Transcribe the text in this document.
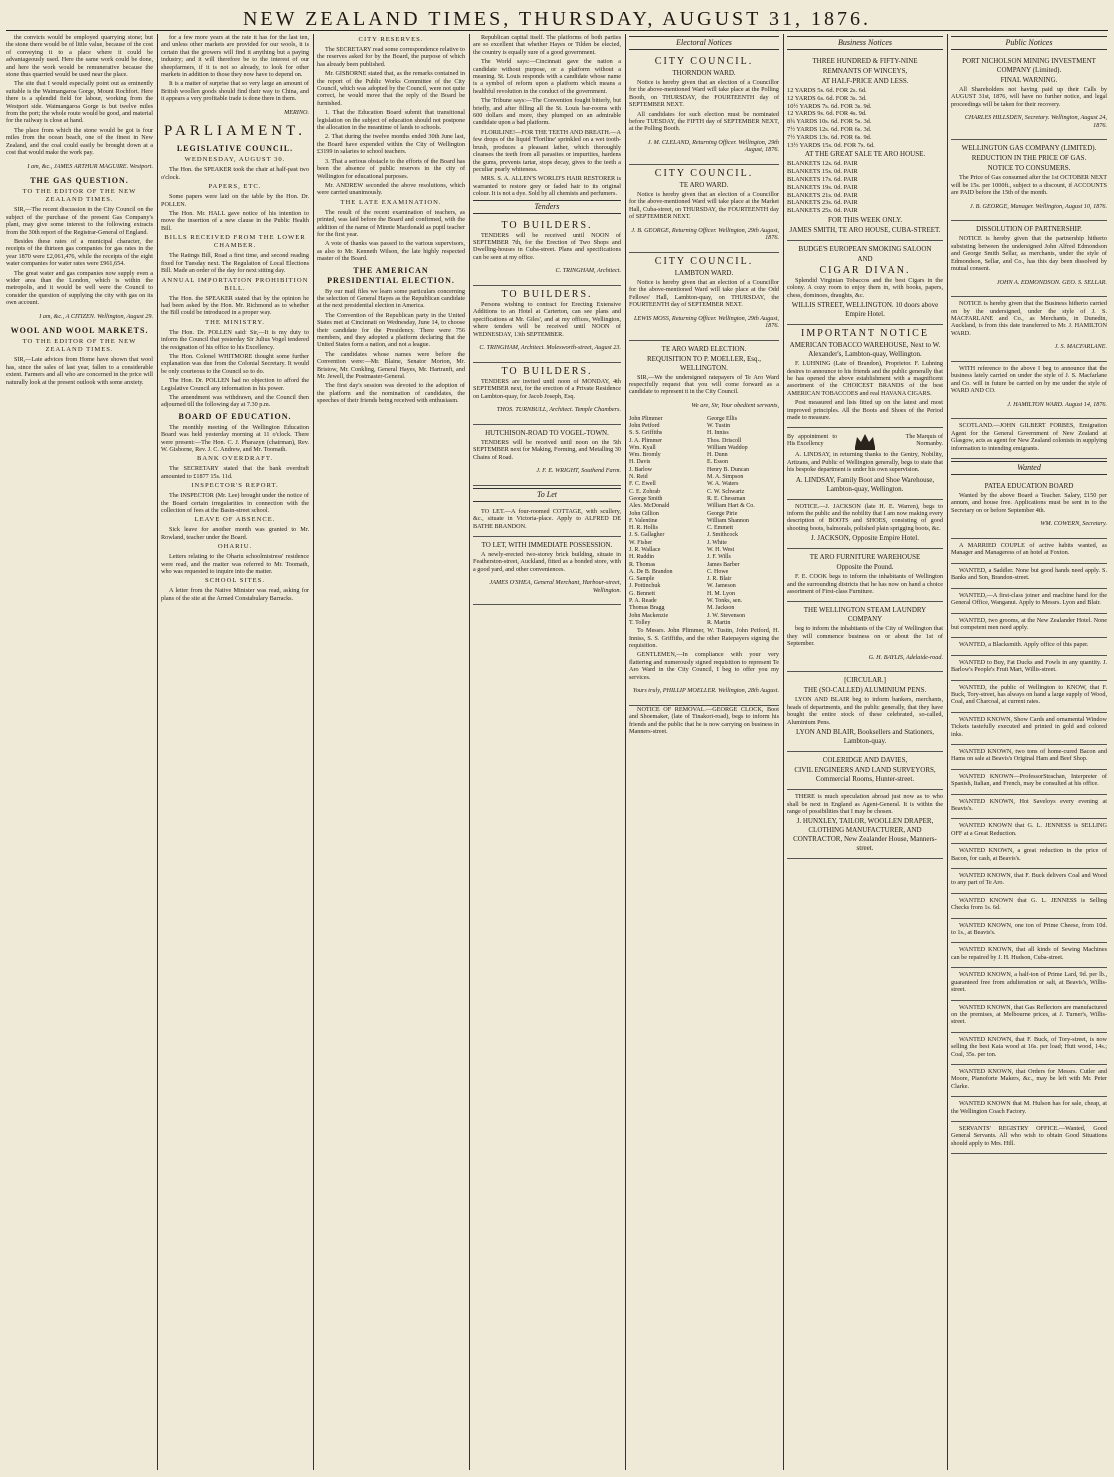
NEW ZEALAND TIMES, THURSDAY, AUGUST 31, 1876.

the convicts would be employed quarrying stone; but the stone there would be of little value, because of the cost of conveying it to a place where it could be advantageously used. Here the same work could be done, and here the work would be remunerative because the stone thus quarried would be used near the place.

The site that I would especially point out as eminently suitable is the Waimangaroa Gorge, Mount Rochfort. Here there is a splendid field for labour, working from the Westport side. Waimangaroa Gorge is but twelve miles from the port; the whole route would be good, and material for the railway is close at hand.

The place from which the stone would be got is four miles from the ocean beach, one of the finest in New Zealand, and the coal could easily be brought down at a cost that would make the work pay.

I am, &c., JAMES ARTHUR MAGUIRE. Westport.

THE GAS QUESTION.
TO THE EDITOR OF THE NEW ZEALAND TIMES.

SIR,—The recent discussion in the City Council on the subject of the purchase of the present Gas Company's plant, may give some interest to the following extracts from the 30th report of the Registrar-General of England.

Besides these rates of a municipal character, the receipts of the thirteen gas companies for gas rates in the year 1870 were £2,061,476, while the receipts of the eight water companies for water rates were £961,654.

The great water and gas companies now supply even a wider area than the London, which is within the metropolis, and it would be well were the Council to consider the question of supplying the city with gas on its own account.

I am, &c., A CITIZEN. Wellington, August 29.

WOOL AND WOOL MARKETS.
TO THE EDITOR OF THE NEW ZEALAND TIMES.

SIR,—Late advices from Home have shown that wool has, since the sales of last year, fallen to a considerable extent. Farmers and all who are concerned in the price will naturally look at the present outlook with some anxiety.

for a few more years at the rate it has for the last ten, and unless other markets are provided for our wools, it is certain that the growers will find it anything but a paying industry; and it will therefore be to the interest of our sheepfarmers, if it is not so already, to look for other markets in addition to those they now have to depend on.

It is a matter of surprise that so very large an amount of British woollen goods should find their way to China, and it appears a very profitable trade is done there in them.

MERINO.

PARLIAMENT.
LEGISLATIVE COUNCIL.
WEDNESDAY, AUGUST 30.

The Hon. the SPEAKER took the chair at half-past two o'clock.

PAPERS, ETC.

Some papers were laid on the table by the Hon. Dr. POLLEN.

The Hon. Mr. HALL gave notice of his intention to move the insertion of a new clause in the Public Health Bill.

BILLS RECEIVED FROM THE LOWER CHAMBER.

The Ratings Bill, Road a first time, and second reading fixed for Tuesday next. The Regulation of Local Elections Bill. Made an order of the day for next sitting day.

ANNUAL IMPORTATION PROHIBITION BILL.

The Hon. the SPEAKER stated that by the opinion he had been asked by the Hon. Mr. Richmond as to whether the Bill could be introduced in a proper way.

THE MINISTRY.

The Hon. Dr. POLLEN said: Sir,—It is my duty to inform the Council that yesterday Sir Julius Vogel tendered the resignation of his office to his Excellency.

The Hon. Colonel WHITMORE thought some further explanation was due from the Colonial Secretary. It would be only courteous to the Council so to do.

The Hon. Dr. POLLEN had no objection to afford the Legislative Council any information in his power.

The amendment was withdrawn, and the Council then adjourned till the following day at 7.30 p.m.

BOARD OF EDUCATION.

The monthly meeting of the Wellington Education Board was held yesterday morning at 11 o'clock. There were present:—The Hon. C. J. Pharazyn (chairman), Rev. W. Gisborne, Rev. J. C. Andrew, and Mr. Toomath.

BANK OVERDRAFT.

The SECRETARY stated that the bank overdraft amounted to £1877 15s. 11d.

INSPECTOR'S REPORT.

The INSPECTOR (Mr. Lee) brought under the notice of the Board certain irregularities in connection with the collection of fees at the Basin-street school.

LEAVE OF ABSENCE.

Sick leave for another month was granted to Mr. Rowland, teacher under the Board.

OHARIU.

Letters relating to the Ohariu schoolmistress' residence were read, and the matter was referred to Mr. Toomath, who was requested to inquire into the matter.

SCHOOL SITES.

A letter from the Native Minister was read, asking for plans of the site at the Armed Constabulary Barracks.

CITY RESERVES.

The SECRETARY read some correspondence relative to the reserves asked for by the Board, the purpose of which has already been published.

Mr. GISBORNE stated that, as the remarks contained in the report of the Public Works Committee of the City Council, which was adopted by the Council, were not quite correct, he would move that the reply of the Board be furnished.

1. That the Education Board submit that transitional legislation on the subject of education should not postpone the allocation in the meantime of lands to schools.

2. That during the twelve months ended 30th June last, the Board have expended within the City of Wellington £3199 in salaries to school teachers.

3. That a serious obstacle to the efforts of the Board has been the absence of public reserves in the city of Wellington for educational purposes.

Mr. ANDREW seconded the above resolutions, which were carried unanimously.

THE LATE EXAMINATION.

The result of the recent examination of teachers, as printed, was laid before the Board and confirmed, with the addition of the name of Minnie Macdonald as pupil teacher for the first year.

A vote of thanks was passed to the various supervisors, as also to Mr. Kenneth Wilson, the late highly respected master of the Board.

THE AMERICAN PRESIDENTIAL ELECTION.

By our mail files we learn some particulars concerning the selection of General Hayes as the Republican candidate at the next presidential election in America.

The Convention of the Republican party in the United States met at Cincinnati on Wednesday, June 14, to choose their candidate for the Presidency. There were 756 members, and they adopted a platform declaring that the United States form a nation, and not a league.

The candidates whose names were before the Convention were:—Mr. Blaine, Senator Morton, Mr. Bristow, Mr. Conkling, General Hayes, Mr. Hartranft, and Mr. Jewell, the Postmaster-General.

The first day's session was devoted to the adoption of the platform and the nomination of candidates, the speeches of their friends being received with enthusiasm.

Republican capital itself. The platforms of both parties are so excellent that whether Hayes or Tilden be elected, the country is equally sure of a good government.

The World says:—Cincinnati gave the nation a candidate without purpose, or a platform without a meaning. St. Louis responds with a candidate whose name is a symbol of reform upon a platform which means a healthful revolution in the conduct of the government.

The Tribune says:—The Convention fought bitterly, but briefly, and after filling all the St. Louis bar-rooms with 600 dollars and more, they plumped on an admirable candidate upon a bad platform.

FLORILINE!—FOR THE TEETH AND BREATH.—A few drops of the liquid 'Floriline' sprinkled on a wet tooth-brush, produces a pleasant lather, which thoroughly cleanses the teeth from all parasites or impurities, hardens the gums, prevents tartar, stops decay, gives to the teeth a peculiar pearly whiteness.

MRS. S. A. ALLEN'S WORLD'S HAIR RESTORER is warranted to restore grey or faded hair to its original colour. It is not a dye. Sold by all chemists and perfumers.

Tenders
TO BUILDERS.

TENDERS will be received until NOON of SEPTEMBER 7th, for the Erection of Two Shops and Dwelling-houses in Cuba-street. Plans and specifications can be seen at my office.

C. TRINGHAM, Architect.

TO BUILDERS.

Persons wishing to contract for Erecting Extensive Additions to an Hotel at Carterton, can see plans and specifications at Mr. Giles', and at my offices, Wellington, where tenders will be received until NOON of WEDNESDAY, 13th SEPTEMBER.

C. TRINGHAM, Architect. Molesworth-street, August 23.

TO BUILDERS.

TENDERS are invited until noon of MONDAY, 4th SEPTEMBER next, for the erection of a Private Residence on Lambton-quay, for Jacob Joseph, Esq.

THOS. TURNBULL, Architect. Temple Chambers.

HUTCHISON-ROAD TO VOGEL-TOWN.

TENDERS will be received until noon on the 5th SEPTEMBER next for Making, Forming, and Metalling 30 Chains of Road.

J. F. E. WRIGHT, Southend Farm.

To Let

TO LET.—A four-roomed COTTAGE, with scullery, &c., situate in Victoria-place. Apply to ALFRED DE BATHE BRANDON.

TO LET, WITH IMMEDIATE POSSESSION.

A newly-erected two-storey brick building, situate in Featherston-street, Auckland, fitted as a bonded store, with a good yard, and other conveniences.

JAMES O'SHEA, General Merchant, Harbour-street, Wellington.

Electoral Notices
CITY COUNCIL.
THORNDON WARD.

Notice is hereby given that an election of a Councillor for the above-mentioned Ward will take place at the Polling Booth, on THURSDAY, the FOURTEENTH day of SEPTEMBER NEXT.

All candidates for such election must be nominated before TUESDAY, the FIFTH day of SEPTEMBER NEXT, at the Polling Booth.

J. M. CLELAND, Returning Officer. Wellington, 29th August, 1876.

CITY COUNCIL.
TE ARO WARD.

Notice is hereby given that an election of a Councillor for the above-mentioned Ward will take place at the Market Hall, Cuba-street, on THURSDAY, the FOURTEENTH day of SEPTEMBER NEXT.

J. B. GEORGE, Returning Officer. Wellington, 29th August, 1876.

CITY COUNCIL.
LAMBTON WARD.

Notice is hereby given that an election of a Councillor for the above-mentioned Ward will take place at the Odd Fellows' Hall, Lambton-quay, on THURSDAY, the FOURTEENTH day of SEPTEMBER NEXT.

LEWIS MOSS, Returning Officer. Wellington, 29th August, 1876.

TE ARO WARD ELECTION.
REQUISITION TO P. MOELLER, Esq., WELLINGTON.

SIR,—We the undersigned ratepayers of Te Aro Ward respectfully request that you will come forward as a candidate to represent it in the City Council.

We are, Sir, Your obedient servants,

John Plimmer
John Petford
S. S. Griffiths
J. A. Plimmer
Wm. Kyall
Wm. Bromly
H. Davis
J. Barlow
N. Reid
F. C. Ewell
C. E. Zohrab
George Smith
Alex. McDonald
John Gillion
F. Valentine
H. R. Hollis
J. S. Gallagher
W. Fisher
J. R. Wallace
H. Ruddin
R. Thomas
A. De B. Brandon
G. Sample
J. Pottinchuk
G. Bennett
P. A. Reade
Thomas Bragg
John Mackenzie
T. Tolley
George Ellis
W. Tustin
H. Inniss
Thos. Driscoll
William Waddop
H. Dunn
E. Esson
Henry B. Duncan
M. A. Simpson
W. A. Waters
C. W. Schwartz
R. E. Chessman
William Hart & Co.
George Pirie
William Shannon
C. Emmett
J. Smithcock
J. White
W. H. West
J. F. Wills
James Barber
C. Howe
J. R. Blair
W. Jameson
H. M. Lyon
W. Tonks, sen.
M. Jackson
J. W. Stevenson
R. Martin

To Messrs. John Plimmer, W. Tustin, John Petford, H. Inniss, S. S. Griffiths, and the other Ratepayers signing the requisition.

GENTLEMEN,—In compliance with your very flattering and numerously signed requisition to represent Te Aro Ward in the City Council, I beg to offer you my services.

Yours truly, PHILLIP MOELLER. Wellington, 28th August.

NOTICE OF REMOVAL.—GEORGE CLOCK, Boot and Shoemaker, (late of Tinakori-road), begs to inform his friends and the public that he is now carrying on business in Manners-street.

Business Notices
THREE HUNDRED & FIFTY-NINE
REMNANTS OF WINCEYS,
AT HALF-PRICE AND LESS.
12 YARDS 5s. 6d. FOR 2s. 6d.
12 YARDS 6s. 6d. FOR 3s. 3d.
10½ YARDS 7s. 6d. FOR 3s. 9d.
12 YARDS 9s. 6d. FOR 4s. 9d.
8¾ YARDS 10s. 6d. FOR 5s. 3d.
7½ YARDS 12s. 6d. FOR 6s. 3d.
7½ YARDS 13s. 6d. FOR 6s. 9d.
13½ YARDS 15s. 0d. FOR 7s. 6d.
AT THE GREAT SALE TE ARO HOUSE.
BLANKETS 12s. 6d. PAIR
BLANKETS 15s. 0d. PAIR
BLANKETS 17s. 6d. PAIR
BLANKETS 19s. 0d. PAIR
BLANKETS 21s. 0d. PAIR
BLANKETS 23s. 6d. PAIR
BLANKETS 25s. 0d. PAIR
FOR THIS WEEK ONLY.
JAMES SMITH, TE ARO HOUSE, CUBA-STREET.
BUDGE'S EUROPEAN SMOKING SALOON
AND
CIGAR DIVAN.

Splendid Virginian Tobaccos and the best Cigars in the colony. A cozy room to enjoy them in, with books, papers, chess, dominoes, draughts, &c.

WILLIS STREET, WELLINGTON. 10 doors above Empire Hotel.
IMPORTANT NOTICE
AMERICAN TOBACCO WAREHOUSE, Next to W. Alexander's, Lambton-quay, Wellington.

F. LUHNING (Late of Brandon), Proprietor. F. Luhning desires to announce to his friends and the public generally that he has opened the above establishment with a magnificent assortment of the CHOICEST BRANDS of the best AMERICAN TOBACCOES and real HAVANA CIGARS.

Post measured and lists fitted up on the latest and most improved principles. All the Boots and Shoes of the Period made to measure.

By appointment to His Excellency
The Marquis of Normanby.

A. LINDSAY, in returning thanks to the Gentry, Nobility, Artizans, and Public of Wellington generally, begs to state that his bespoke department is under his own supervision.

A. LINDSAY, Family Boot and Shoe Warehouse, Lambton-quay, Wellington.

NOTICE.—J. JACKSON (late H. E. Warren), begs to inform the public and the nobility that I am now making every description of BOOTS and SHOES, consisting of good shooting boots, balmorals, polished plain sprigging boots, &c.

J. JACKSON, Opposite Empire Hotel.
TE ARO FURNITURE WAREHOUSE
Opposite the Pound.

F. E. COOK begs to inform the inhabitants of Wellington and the surrounding districts that he has now on hand a choice assortment of First-class Furniture.

THE WELLINGTON STEAM LAUNDRY COMPANY

beg to inform the inhabitants of the City of Wellington that they will commence business on or about the 1st of September.

G. H. BAYLIS, Adelaide-road.

[CIRCULAR.]
THE (SO-CALLED) ALUMINIUM PENS.

LYON AND BLAIR beg to inform bankers, merchants, heads of departments, and the public generally, that they have bought the entire stock of these celebrated, so-called, Aluminium Pens.

LYON AND BLAIR, Booksellers and Stationers, Lambton-quay.
COLERIDGE AND DAVIES,
CIVIL ENGINEERS AND LAND SURVEYORS, Commercial Rooms, Hunter-street.

THERE is much speculation abroad just now as to who shall be next in England as Agent-General. It is within the range of possibilities that I may be chosen.

J. HUNXLEY, TAILOR, WOOLLEN DRAPER, CLOTHING MANUFACTURER, AND CONTRACTOR, New Zealander House, Manners-street.
Public Notices
PORT NICHOLSON MINING INVESTMENT COMPANY (Limited).
FINAL WARNING.

All Shareholders not having paid up their Calls by AUGUST 31st, 1876, will have no further notice, and legal proceedings will be taken for their recovery.

CHARLES HILLSDEN, Secretary. Wellington, August 24, 1876.

WELLINGTON GAS COMPANY (LIMITED).
REDUCTION IN THE PRICE OF GAS.
NOTICE TO CONSUMERS.

The Price of Gas consumed after the 1st OCTOBER NEXT will be 15s. per 1000ft., subject to a discount, if ACCOUNTS are PAID before the 15th of the month.

J. B. GEORGE, Manager. Wellington, August 10, 1876.

DISSOLUTION OF PARTNERSHIP.

NOTICE is hereby given that the partnership hitherto subsisting between the undersigned John Alfred Edmondson and George Smith Sellar, as merchants, under the style of Edmondson, Sellar, and Co., has this day been dissolved by mutual consent.

JOHN A. EDMONDSON. GEO. S. SELLAR.

NOTICE is hereby given that the Business hitherto carried on by the undersigned, under the style of J. S. MACFARLANE and Co., as Merchants, in Dunedin, Auckland, is from this date transferred to Mr. J. HAMILTON WARD.

J. S. MACFARLANE.

WITH reference to the above I beg to announce that the business lately carried on under the style of J. S. Macfarlane and Co. will in future be carried on by me under the style of WARD AND CO.

J. HAMILTON WARD. August 14, 1876.

SCOTLAND.—JOHN GILBERT FORBES, Emigration Agent for the General Government of New Zealand at Glasgow, acts as agent for New Zealand colonists in supplying information to intending emigrants.

Wanted
PATEA EDUCATION BOARD

Wanted by the above Board a Teacher. Salary, £150 per annum, and house free. Applications must be sent in to the Secretary on or before September 4th.

WM. COWERN, Secretary.

A MARRIED COUPLE of active habits wanted, as Manager and Manageress of an hotel at Foxton.

WANTED, a Saddler. None but good hands need apply. S. Banks and Son, Brandon-street.

WANTED,—A first-class joiner and machine hand for the General Office, Wanganui. Apply to Messrs. Lyon and Blair.

WANTED, two grooms, at the New Zealander Hotel. None but competent men need apply.

WANTED, a Blacksmith. Apply office of this paper.

WANTED to Buy, Fat Ducks and Fowls in any quantity. J. Barlow's People's Fruit Mart, Willis-street.

WANTED, the public of Wellington to KNOW, that F. Buck, Tory-street, has always on hand a large supply of Wood, Coal, and Charcoal, at current rates.

WANTED KNOWN, Show Cards and ornamental Window Tickets tastefully executed and printed in gold and colored inks.

WANTED KNOWN, two tons of home-cured Bacon and Hams on sale at Beavis's Original Ham and Beef Shop.

WANTED KNOWN—ProfessorStrachan, Interpreter of Spanish, Italian, and French, may be consulted at his office.

WANTED KNOWN, Hot Saveloys every evening at Beavis's.

WANTED KNOWN that G. L. JENNESS is SELLING OFF at a Great Reduction.

WANTED KNOWN, a great reduction in the price of Bacon, for cash, at Beavis's.

WANTED KNOWN, that F. Buck delivers Coal and Wood to any part of Te Aro.

WANTED KNOWN that G. L. JENNESS is Selling Checks from 1s. 6d.

WANTED KNOWN, one ton of Prime Cheese, from 10d. to 1s., at Beavis's.

WANTED KNOWN, that all kinds of Sewing Machines can be repaired by J. H. Hudson, Cuba-street.

WANTED KNOWN, a half-ton of Prime Lard, 9d. per lb., guaranteed free from adulteration or salt, at Beavis's, Willis-street.

WANTED KNOWN, that Gas Reflectors are manufactured on the premises, at Melbourne prices, at J. Turner's, Willis-street.

WANTED KNOWN, that F. Buck, of Tory-street, is now selling the best Kaia wood at 16s. per load; Hutt wood, 14s.; Coal, 35s. per ton.

WANTED KNOWN, that Orders for Messrs. Cutler and Moore, Pianoforte Makers, &c., may be left with Mr. Peter Clarke.

WANTED KNOWN that M. Hulson has for sale, cheap, at the Wellington Coach Factory.

SERVANTS' REGISTRY OFFICE.—Wanted, Good General Servants. All who wish to obtain Good Situations should apply to Mrs. Hill.
